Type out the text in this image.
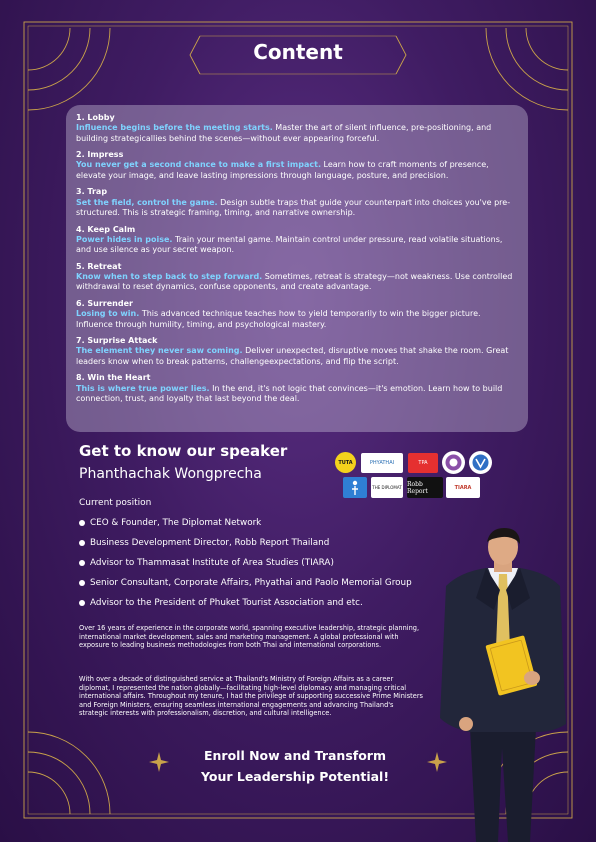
Content
1. Lobby
Influence begins before the meeting starts. Master the art of silent influence, pre-positioning, and building strategicallies behind the scenes—without ever appearing forceful.
2. Impress
You never get a second chance to make a first impact. Learn how to craft moments of presence, elevate your image, and leave lasting impressions through language, posture, and precision.
3. Trap
Set the field, control the game. Design subtle traps that guide your counterpart into choices you've pre-structured. This is strategic framing, timing, and narrative ownership.
4. Keep Calm
Power hides in poise. Train your mental game. Maintain control under pressure, read volatile situations, and use silence as your secret weapon.
5. Retreat
Know when to step back to step forward. Sometimes, retreat is strategy—not weakness. Use controlled withdrawal to reset dynamics, confuse opponents, and create advantage.
6. Surrender
Losing to win. This advanced technique teaches how to yield temporarily to win the bigger picture. Influence through humility, timing, and psychological mastery.
7. Surprise Attack
The element they never saw coming. Deliver unexpected, disruptive moves that shake the room. Great leaders know when to break patterns, challengeexpectations, and flip the script.
8. Win the Heart
This is where true power lies. In the end, it's not logic that convinces—it's emotion. Learn how to build connection, trust, and loyalty that last beyond the deal.
Get to know our speaker
Phanthachak Wongprecha
Current position
CEO & Founder, The Diplomat Network
Business Development Director, Robb Report Thailand
Advisor to Thammasat Institute of Area Studies (TIARA)
Senior Consultant, Corporate Affairs, Phyathai and Paolo Memorial Group
Advisor to the President of Phuket Tourist Association and etc.
Over 16 years of experience in the corporate world, spanning executive leadership, strategic planning, international market development, sales and marketing management. A global professional with exposure to leading business methodologies from both Thai and international corporations.
With over a decade of distinguished service at Thailand's Ministry of Foreign Affairs as a career diplomat, I represented the nation globally—facilitating high-level diplomacy and managing critical international affairs. Throughout my tenure, I had the privilege of supporting successive Prime Ministers and Foreign Ministers, ensuring seamless international engagements and advancing Thailand's strategic interests with professionalism, discretion, and cultural intelligence.
TUTA	PHYATHAI	TPA
THE DIPLOMAT Robb Report	TIARA
Enroll Now and Transform
Your Leadership Potential!
